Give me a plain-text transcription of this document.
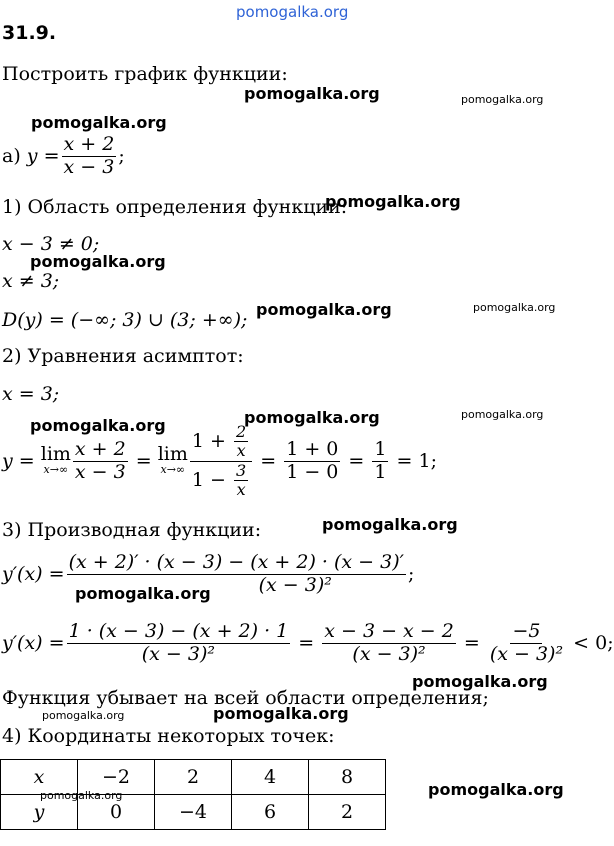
pomogalka.org
31.9.
Построить график функции:
pomogalka.org	pomogalka.org
pomogalka.org
а)
$y = \frac{x + 2}{x - 3}$ ;
1) Область определения функции:
pomogalka.org
x − 3 ≠ 0;
pomogalka.org
x ≠ 3;
D(y) = (−∞; 3) ∪ (3; +∞); pomogalka.org	pomogalka.org
2) Уравнения асимптот:
x = 3;
pomogalka.org	pomogalka.org	pomogalka.org
y =
lim
$x\to\infty \frac{x + 2}{x - 3} = \lim$
$x\to\infty \frac{1 + \frac{2}{x}}{1 - \frac{3}{x}} = \frac{1 + 0}{1 - 0} = \frac{1}{1}$
= 1;
3) Производная функции:	pomogalka.org
$y'(x) = \frac{(x + 2)' \cdot (x - 3) - (x + 2) \cdot (x - 3)'}{\text{(x − 3)²}}$ ;
pomogalka.org
$y'(x) = \frac{1 \cdot (x - 3) - (x + 2) \cdot 1}{\text{(x − 3)²}} = \frac{x - 3 - x - 2}{\text{(x − 3)²}} = \frac{-5}{\text{(x − 3)²}}$
< 0;
Функция убывает на всей области определения;
pomogalka.org
pomogalka.org	pomogalka.org
4) Координаты некоторых точек:
x	−2	2	4	8
y	0	−4	6	2
pomogalka.org	pomogalka.org
